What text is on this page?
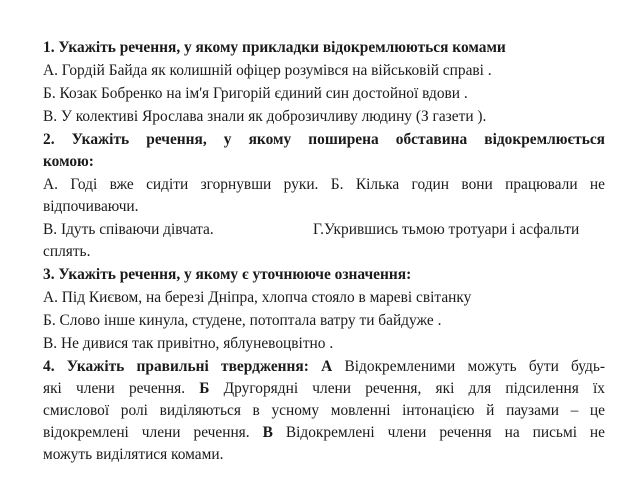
1. Укажіть речення, у якому прикладки відокремлюються комами
А. Гордій Байда як колишній офіцер розумівся на військовій справі .
Б. Козак Бобренко на ім'я Григорій єдиний син достойної вдови .
В. У колективі Ярослава знали як доброзичливу людину (З газети ).
2. Укажіть речення, у якому поширена обставина відокремлюється
комою:
А. Годі вже сидіти згорнувши руки. Б. Кілька годин вони працювали не
відпочиваючи.
В. Ідуть співаючи дівчата.	Г.Укрившись тьмою тротуари і асфальти
сплять.
3. Укажіть речення, у якому є уточнююче означення:
А. Під Києвом, на березі Дніпра, хлопча стояло в мареві світанку
Б. Слово інше кинула, студене, потоптала ватру ти байдуже .
В. Не дивися так привітно, яблуневоцвітно .
4. Укажіть правильні твердження: А Відокремленими можуть бути будь-
які члени речення. Б Другорядні члени речення, які для підсилення їх
смислової ролі виділяються в усному мовленні інтонацією й паузами – це
відокремлені члени речення. В Відокремлені члени речення на письмі не
можуть виділятися комами.
